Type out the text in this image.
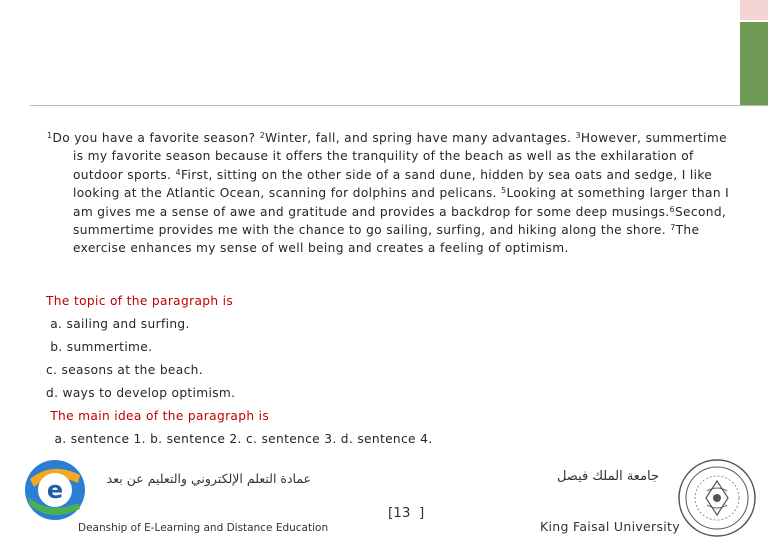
$^1$Do you have a favorite season? $^2$Winter, fall, and spring have many advantages. $^3$However, summertime
is my favorite season because it offers the tranquility of the beach as well as the exhilaration of
outdoor sports. $^4$First, sitting on the other side of a sand dune, hidden by sea oats and sedge, I like
looking at the Atlantic Ocean, scanning for dolphins and pelicans. $^5$Looking at something larger than I
am gives me a sense of awe and gratitude and provides a backdrop for some deep musings.$^6$Second,
summertime provides me with the chance to go sailing, surfing, and hiking along the shore. $^7$The
exercise enhances my sense of well being and creates a feeling of optimism.

The topic of the paragraph is
a. sailing and surfing.
b. summertime.
c. seasons at the beach.
d. ways to develop optimism.
The main idea of the paragraph is
a. sentence 1. b. sentence 2. c. sentence 3. d. sentence 4.
e	عمادة التعلم الإلكتروني والتعليم عن بعد
Deanship of E-Learning and Distance Education
[13  ]
جامعة الملك فيصل
King Faisal University
